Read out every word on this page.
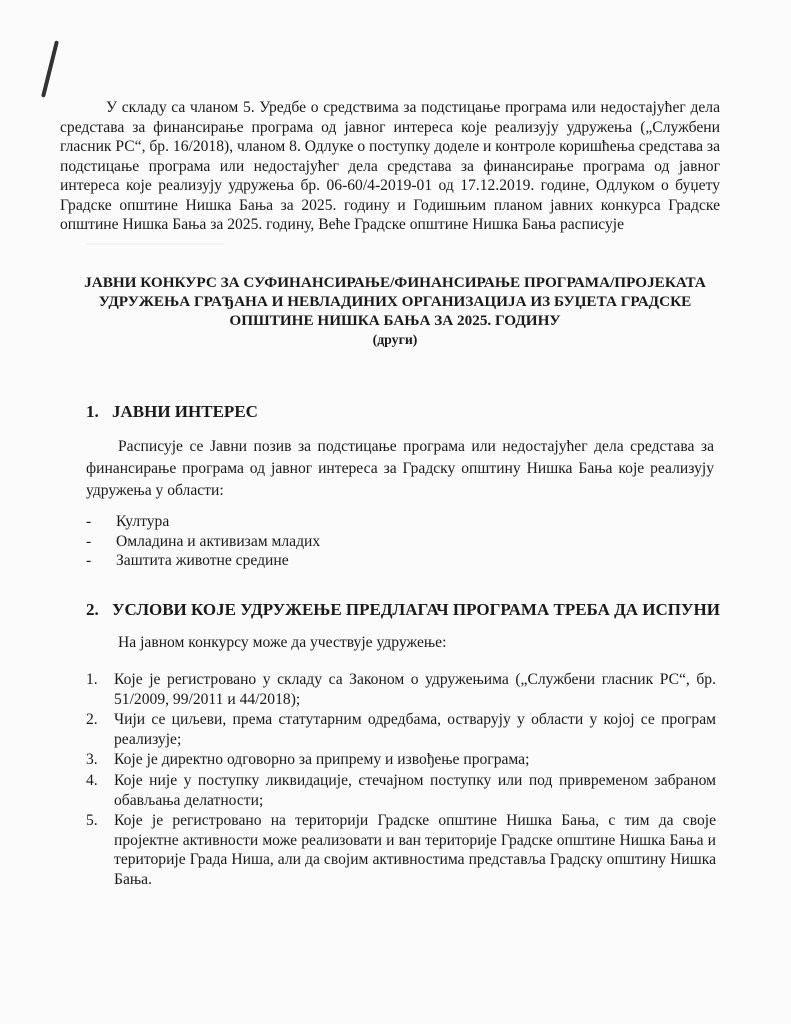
───────────────

У складу са чланом 5. Уредбе о средствима за подстицање програма или недостајућег дела средстава за финансирање програма од јавног интереса које реализују удружења („Службени гласник РС“, бр. 16/2018), чланом 8. Одлуке о поступку доделе и контроле коришћења средстава за подстицање програма или недостајућег дела средстава за финансирање програма од јавног интереса које реализују удружења бр. 06-60/4-2019-01 од 17.12.2019. године, Одлуком о буџету Градске општине Нишка Бања за 2025. годину и Годишњим планом јавних конкурса Градске општине Нишка Бања за 2025. годину, Веће Градске општине Нишка Бања расписује

ЈАВНИ КОНКУРС ЗА СУФИНАНСИРАЊЕ/ФИНАНСИРАЊЕ ПРОГРАМА/ПРОЈЕКАТА
УДРУЖЕЊА ГРАЂАНА И НЕВЛАДИНИХ ОРГАНИЗАЦИЈА ИЗ БУЏЕТА ГРАДСКЕ
ОПШТИНЕ НИШКА БАЊА ЗА 2025. ГОДИНУ
(други)
1. ЈАВНИ ИНТЕРЕС

Расписује се Јавни позив за подстицање програма или недостајућег дела средстава за финансирање програма од јавног интереса за Градску општину Нишка Бања које реализују удружења у области:

-	Култура
-	Омладина и активизам младих
-	Заштита животне средине
2. УСЛОВИ КОЈЕ УДРУЖЕЊЕ ПРЕДЛАГАЧ ПРОГРАМА ТРЕБА ДА ИСПУНИ

На јавном конкурсу може да учествује удружење:

1.	Које је регистровано у складу са Законом о удружењима („Службени гласник РС“, бр. 51/2009, 99/2011 и 44/2018);
2.	Чији се циљеви, према статутарним одредбама, остварују у области у којој се програм реализује;
3.	Које је директно одговорно за припрему и извођење програма;
4.	Које није у поступку ликвидације, стечајном поступку или под привременом забраном обављања делатности;
5.	Које је регистровано на територији Градске општине Нишка Бања, с тим да своје пројектне активности може реализовати и ван територије Градске општине Нишка Бања и територије Града Ниша, али да својим активностима представља Градску општину Нишка Бања.
